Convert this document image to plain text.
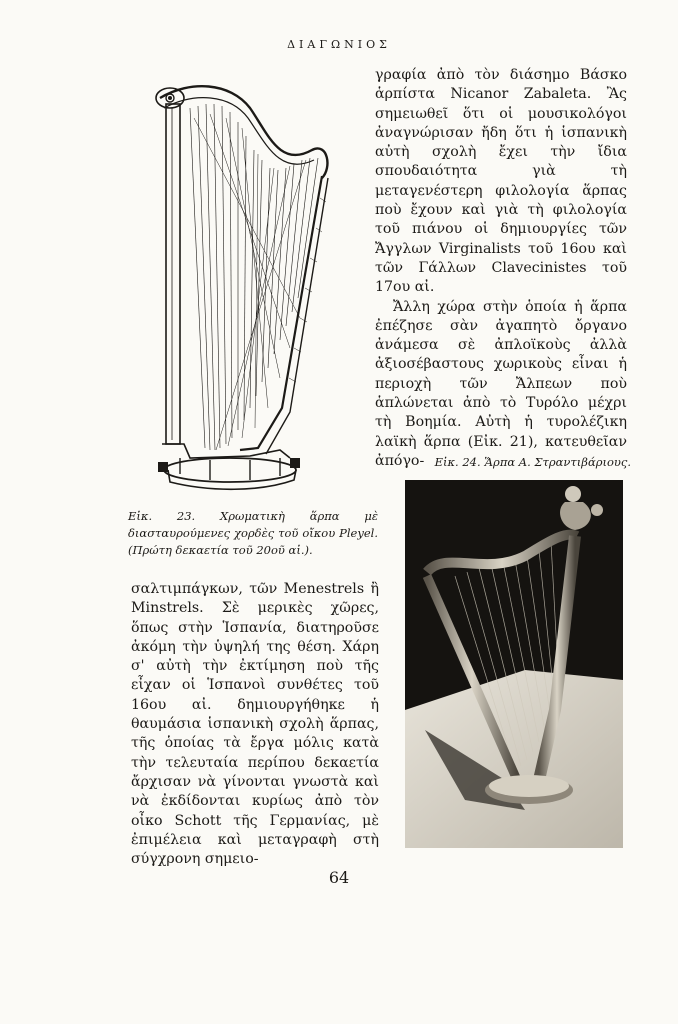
ΔΙΑΓΩΝΙΟΣ

γραφία ἀπὸ τὸν διάσημο Βάσκο ἁρπίστα Nicanor Zabaleta. Ἂς σημειωθεῖ ὅτι οἱ μουσικολόγοι ἀναγνώρισαν ἤδη ὅτι ἡ ἱσπανικὴ αὐτὴ σχολὴ ἔχει τὴν ἴδια σπουδαιότητα γιὰ τὴ μεταγενέστερη φιλολογία ἅρπας ποὺ ἔχουν καὶ γιὰ τὴ φιλολογία τοῦ πιάνου οἱ δημιουργίες τῶν Ἄγγλων Virginalists τοῦ 16ου καὶ τῶν Γάλλων Clavecinistes τοῦ 17ου αἰ.

Ἄλλη χώρα στὴν ὁποία ἡ ἅρπα ἐπέζησε σὰν ἀγαπητὸ ὄργανο ἀνάμεσα σὲ ἀπλοϊκοὺς ἀλλὰ ἀξιοσέβαστους χωρικοὺς εἶναι ἡ περιοχὴ τῶν Ἄλπεων ποὺ ἁπλώνεται ἀπὸ τὸ Τυρόλο μέχρι τὴ Βοημία. Αὐτὴ ἡ τυρολέζικη λαϊκὴ ἅρπα (Εἰκ. 21), κατευθεῖαν ἀπόγο-

Εἰκ. 23. Χρωματικὴ ἅρπα μὲ διασταυρούμενες χορδὲς τοῦ οἴκου Pleyel. (Πρώτη δεκαετία τοῦ 20οῦ αἰ.).
Εἰκ. 24. Ἅρπα Α. Στραντιβάριους.

σαλτιμπάγκων, τῶν Menestrels ἢ Minstrels. Σὲ μερικὲς χῶρες, ὅπως στὴν Ἱσπανία, διατηροῦσε ἀκόμη τὴν ὑψηλή της θέση. Χάρη σ' αὐτὴ τὴν ἐκτίμηση ποὺ τῆς εἶχαν οἱ Ἱσπανοὶ συνθέτες τοῦ 16ου αἰ. δημιουργήθηκε ἡ θαυμάσια ἱσπανικὴ σχολὴ ἅρπας, τῆς ὁποίας τὰ ἔργα μόλις κατὰ τὴν τελευταία περίπου δεκαετία ἄρχισαν νὰ γίνονται γνωστὰ καὶ νὰ ἐκδίδονται κυρίως ἀπὸ τὸν οἶκο Schott τῆς Γερμανίας, μὲ ἐπιμέλεια καὶ μεταγραφὴ στὴ σύγχρονη σημειο-

64
